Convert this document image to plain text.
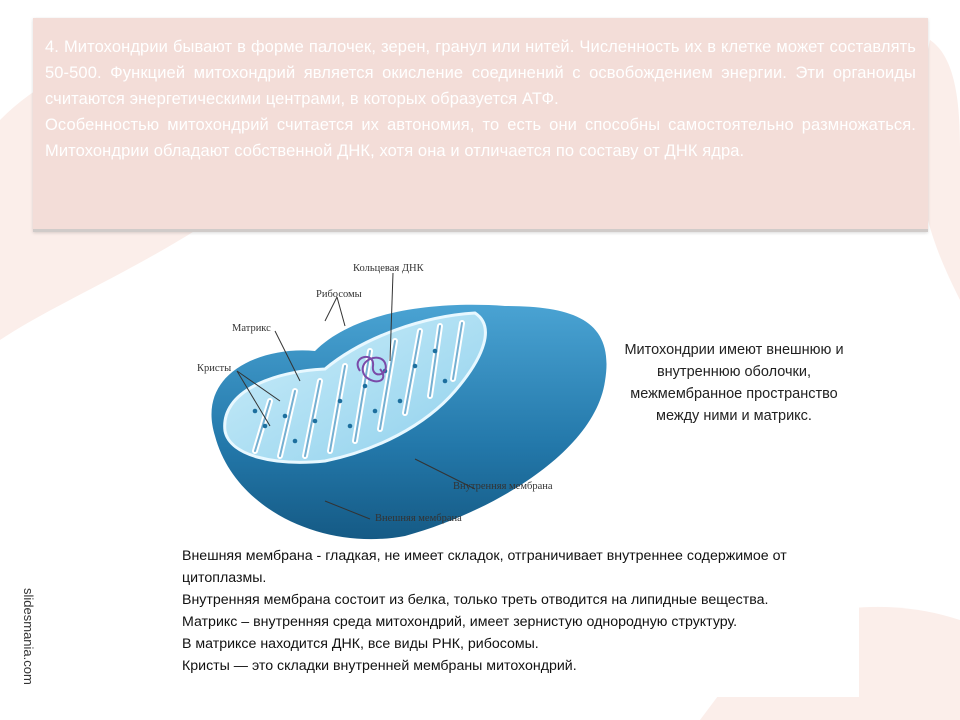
4. Митохондрии бывают в форме палочек, зерен, гранул или нитей. Численность их в клетке может составлять 50-500. Функцией митохондрий является окисление соединений с освобождением энергии. Эти органоиды считаются энергетическими центрами, в которых образуется АТФ.

Особенностью митохондрий считается их автономия, то есть они способны самостоятельно размножаться. Митохондрии обладают собственной ДНК, хотя она и отличается по составу от ДНК ядра.

Кольцевая ДНК
Рибосомы
Матрикс
Кристы
Внутренняя мембрана
Внешняя мембрана
Митохондрии имеют внешнюю и внутреннюю оболочки, межмембранное пространство между ними и матрикс.

Внешняя мембрана - гладкая, не имеет складок, отграничивает внутреннее содержимое от цитоплазмы.

Внутренняя мембрана состоит из белка, только треть отводится на липидные вещества.

Матрикс – внутренняя среда митохондрий, имеет зернистую однородную структуру.

В матриксе находится ДНК, все виды РНК, рибосомы.

Кристы — это складки внутренней мембраны митохондрий.

slidesmania.com
